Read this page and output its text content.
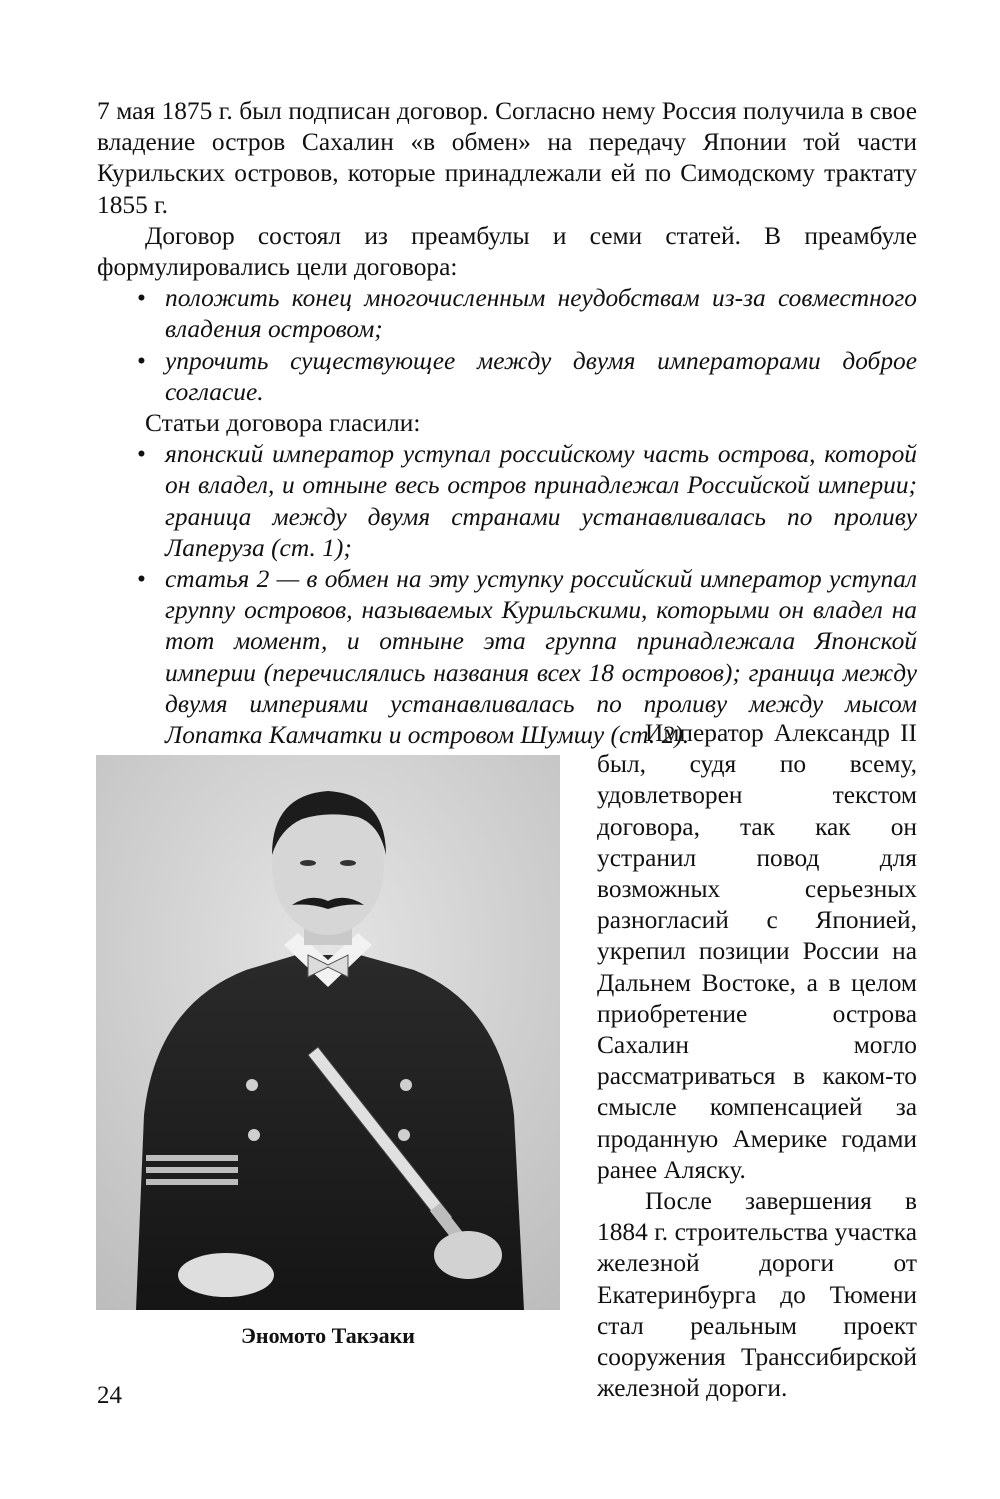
7 мая 1875 г. был подписан договор. Согласно нему Россия получила в свое владение остров Сахалин «в обмен» на передачу Японии той части Курильских островов, которые принадлежали ей по Симодскому трактату 1855 г.

Договор состоял из преамбулы и семи статей. В преамбуле формулировались цели договора:

• положить конец многочисленным неудобствам из-за совместного владения островом;
• упрочить существующее между двумя императорами доброе согласие.

Статьи договора гласили:

• японский император уступал российскому часть острова, которой он владел, и отныне весь остров принадлежал Российской империи; граница между двумя странами устанавливалась по проливу Лаперуза (ст. 1);
• статья 2 — в обмен на эту уступку российский император уступал группу островов, называемых Курильскими, которыми он владел на тот момент, и отныне эта группа принадлежала Японской империи (перечислялись названия всех 18 островов); граница между двумя империями устанавливалась по проливу между мысом Лопатка Камчатки и островом Шумшу (ст. 2).
Эномото Такэаки

Император Александр II был, судя по всему, удовлетворен текстом договора, так как он устранил повод для возможных серьезных разногласий с Японией, укрепил позиции России на Дальнем Востоке, а в целом приобретение острова Сахалин могло рассматриваться в каком-то смысле компенсацией за проданную Америке годами ранее Аляску.

После завершения в 1884 г. строительства участка железной дороги от Екатеринбурга до Тюмени стал реальным проект сооружения Транссибирской железной дороги.

24
